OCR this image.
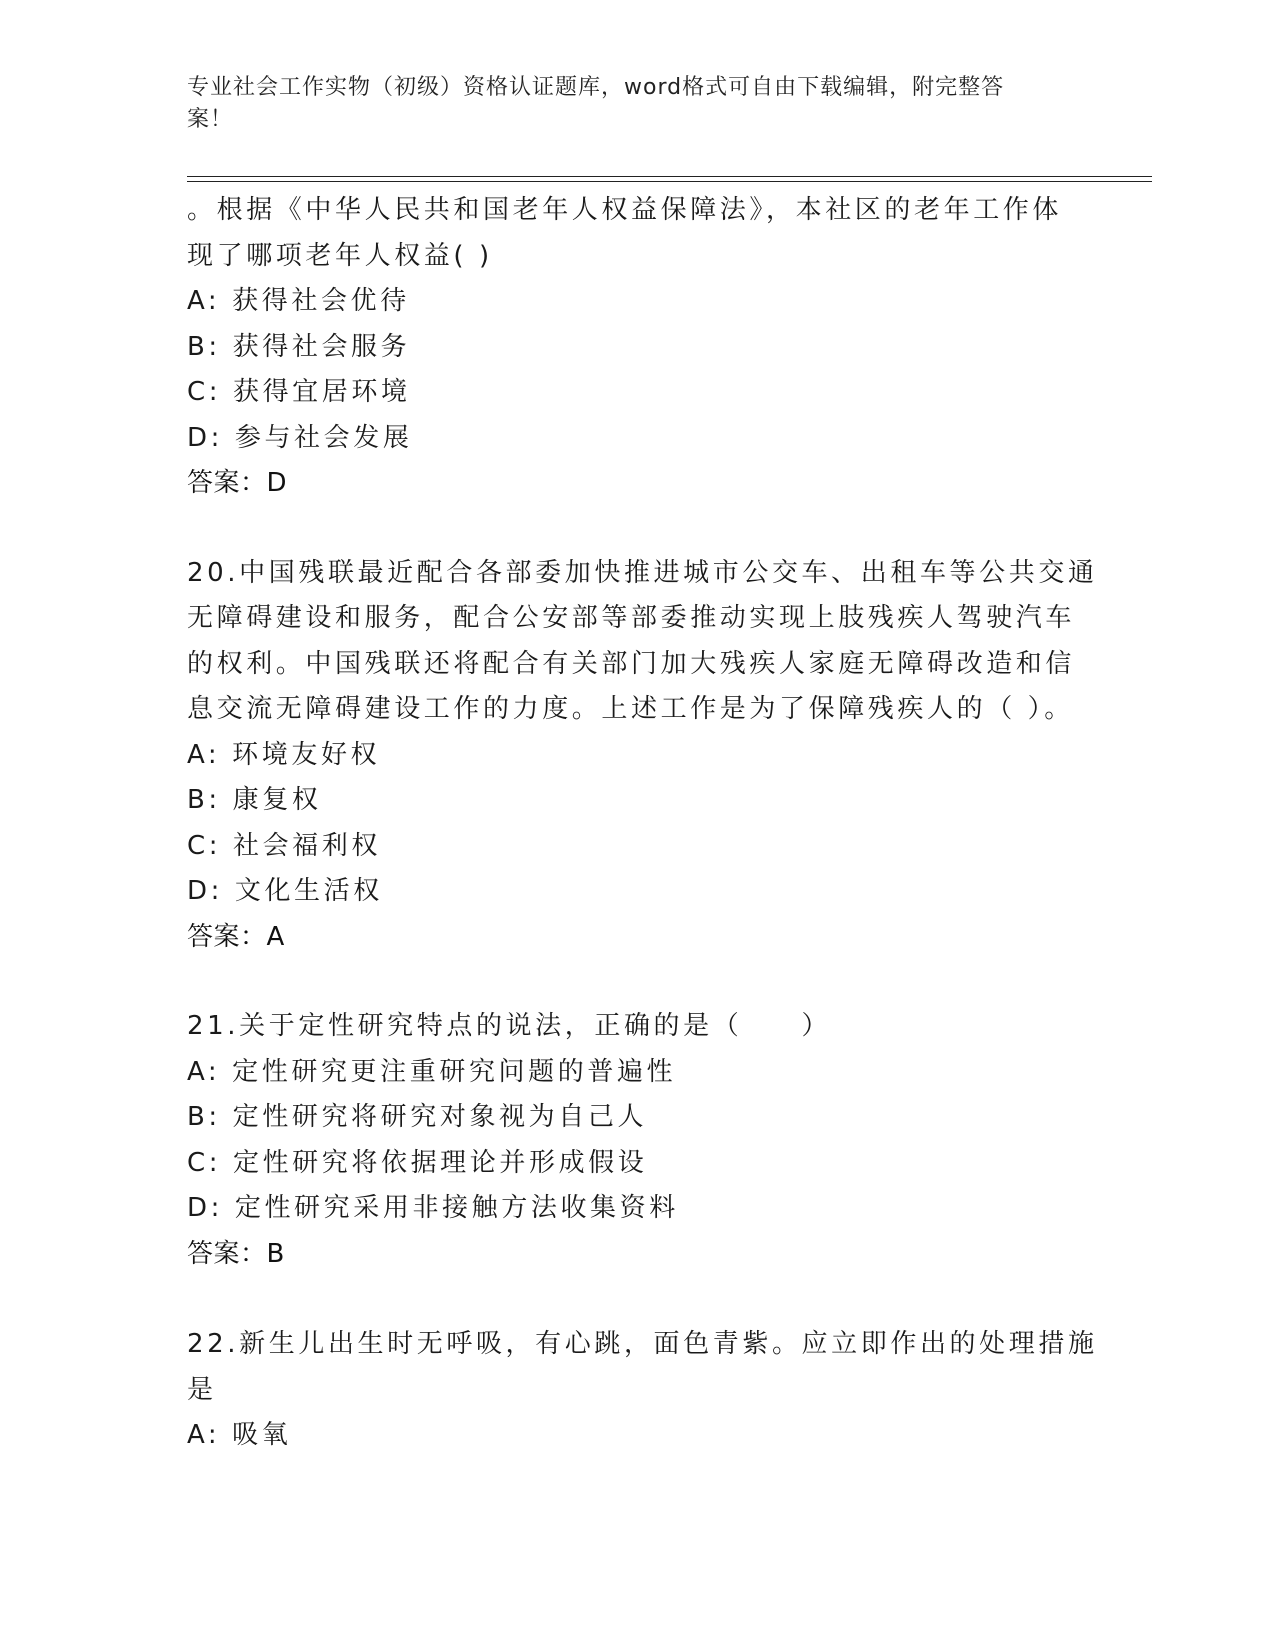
专业社会工作实物（初级）资格认证题库，word格式可自由下载编辑，附完整答
案！
。根据《中华人民共和国老年人权益保障法》，本社区的老年工作体
现了哪项老年人权益( )
A: 获得社会优待
B: 获得社会服务
C: 获得宜居环境
D: 参与社会发展
答案：D
20.中国残联最近配合各部委加快推进城市公交车、出租车等公共交通
无障碍建设和服务，配合公安部等部委推动实现上肢残疾人驾驶汽车
的权利。中国残联还将配合有关部门加大残疾人家庭无障碍改造和信
息交流无障碍建设工作的力度。上述工作是为了保障残疾人的（ ）。
A: 环境友好权
B: 康复权
C: 社会福利权
D: 文化生活权
答案：A
21.关于定性研究特点的说法，正确的是（　　）
A: 定性研究更注重研究问题的普遍性
B: 定性研究将研究对象视为自己人
C: 定性研究将依据理论并形成假设
D: 定性研究采用非接触方法收集资料
答案：B
22.新生儿出生时无呼吸，有心跳，面色青紫。应立即作出的处理措施
是
A: 吸氧
